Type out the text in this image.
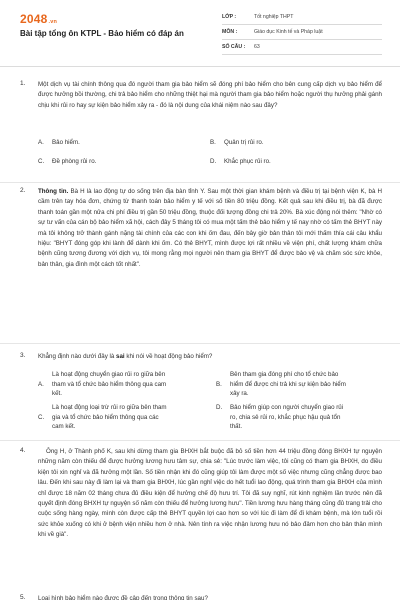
2048.vn
Bài tập tổng ôn KTPL - Bảo hiểm có đáp án
LỚP :	Tốt nghiệp THPT
MÔN :	Giáo dục Kinh tế và Pháp luật
SỐ CÂU :	63
1. Một dịch vụ tài chính thông qua đó người tham gia bảo hiểm sẽ đóng phí bảo hiểm cho bên cung cấp dịch vụ bảo hiểm để được hưởng bồi thường, chi trả bảo hiểm cho những thiệt hại mà người tham gia bảo hiểm hoặc người thụ hưởng phải gánh chịu khi rủi ro hay sự kiện bảo hiểm xảy ra - đó là nội dung của khái niệm nào sau đây?
A. Bảo hiểm.	B. Quản trị rủi ro.
C. Đề phòng rủi ro.	D. Khắc phục rủi ro.
2. Thông tin. Bà H là lao động tự do sống trên địa bàn tỉnh Y. Sau một thời gian khám bệnh và điều trị tại bệnh viện K, bà H cầm trên tay hóa đơn, chứng từ thanh toán bảo hiểm y tế với số tiền 80 triệu đồng. Kết quả sau khi điều trị, bà đã được thanh toán gần một nửa chi phí điều trị gần 50 triệu đồng, thuộc đối tượng đồng chi trả 20%. Bà xúc động nói thêm: "Nhờ có sự tư vấn của cán bộ bảo hiểm xã hội, cách đây 5 tháng tôi có mua một tấm thẻ bảo hiểm y tế nay nhờ có tấm thẻ BHYT này mà tôi không trở thành gánh nặng tài chính của các con khi ốm đau, đến bây giờ bản thân tôi mới thấm thía cái câu khẩu hiệu: "BHYT đóng góp khi lành để dành khi ốm. Có thẻ BHYT, mình được lợi rất nhiều về viện phí, chất lượng khám chữa bệnh cũng tương đương với dịch vụ, tôi mong rằng mọi người nên tham gia BHYT để được bảo vệ và chăm sóc sức khỏe, bản thân, gia đình một cách tốt nhất".
3. Khẳng định nào dưới đây là sai khi nói về hoạt động bảo hiểm?
A.
Là hoạt động chuyển giao rủi ro giữa bên
tham và tổ chức bảo hiểm thông qua cam
kết.
B.
Bên tham gia đóng phí cho tổ chức bảo
hiểm để được chi trả khi sự kiện bảo hiểm
xảy ra.
C.
Là hoạt động loại trừ rủi ro giữa bên tham
gia và tổ chức bảo hiểm thông qua các
cam kết.
D. Bảo hiểm giúp con người chuyển giao rủi
ro, chia sẻ rủi ro, khắc phục hậu quả tổn
thất.
4.	Ông H, ở Thành phố K, sau khi dừng tham gia BHXH bắt buộc đã bỏ số tiền hơn 44 triệu đồng đóng BHXH tự nguyện những năm còn thiếu để được hưởng lương hưu tâm sự, chia sẻ: "Lúc trước làm việc, tôi cũng có tham gia BHXH, do điều kiện tôi xin nghỉ và đã hưởng một lần. Số tiền nhận khi đó cũng giúp tôi làm được một số việc nhưng cũng chẳng được bao lâu. Đến khi sau này đi làm lại và tham gia BHXH, lúc gần nghỉ việc do hết tuổi lao động, quá trình tham gia BHXH của mình chỉ được 18 năm 02 tháng chưa đủ điều kiện để hưởng chế độ hưu trí. Tôi đã suy nghĩ, rút kinh nghiệm lần trước nên đã quyết định đóng BHXH tự nguyện số năm còn thiếu để hưởng lương hưu". Tiền lương hưu hàng tháng cũng đủ trang trải cho cuộc sống hàng ngày, mình còn được cấp thẻ BHYT quyền lợi cao hơn so với lúc đi làm để đi khám bệnh, mà lớn tuổi rồi sức khỏe xuống có khi ở bệnh viện nhiều hơn ở nhà. Nên tính ra việc nhận lương hưu nó bảo đảm hơn cho bản thân mình khi về già".
5. Loại hình bảo hiểm nào được đề cập đến trong thông tin sau?
